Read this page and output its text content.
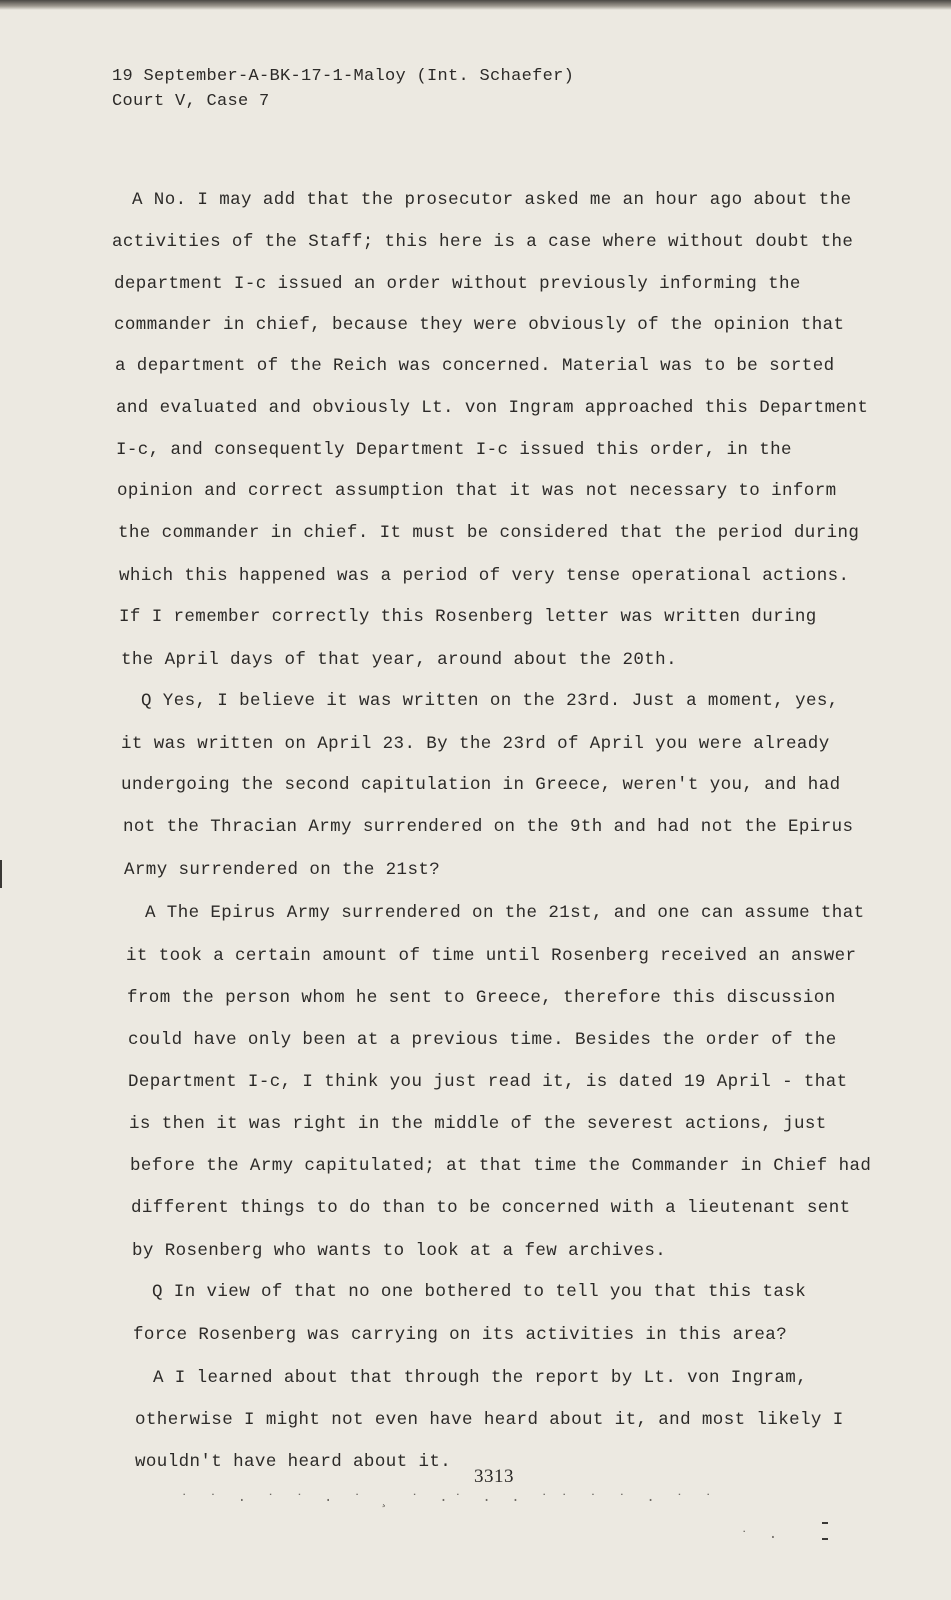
19 September-A-BK-17-1-Maloy (Int. Schaefer)
Court V, Case 7
A No. I may add that the prosecutor asked me an hour ago about the
activities of the Staff; this here is a case where without doubt the
department I-c issued an order without previously informing the
commander in chief, because they were obviously of the opinion that
a department of the Reich was concerned. Material was to be sorted
and evaluated and obviously Lt. von Ingram approached this Department
I-c, and consequently Department I-c issued this order, in the
opinion and correct assumption that it was not necessary to inform
the commander in chief. It must be considered that the period during
which this happened was a period of very tense operational actions.
If I remember correctly this Rosenberg letter was written during
the April days of that year, around about the 20th.
Q Yes, I believe it was written on the 23rd. Just a moment, yes,
it was written on April 23. By the 23rd of April you were already
undergoing the second capitulation in Greece, weren't you, and had
not the Thracian Army surrendered on the 9th and had not the Epirus
Army surrendered on the 21st?
A The Epirus Army surrendered on the 21st, and one can assume that
it took a certain amount of time until Rosenberg received an answer
from the person whom he sent to Greece, therefore this discussion
could have only been at a previous time. Besides the order of the
Department I-c, I think you just read it, is dated 19 April - that
is then it was right in the middle of the severest actions, just
before the Army capitulated; at that time the Commander in Chief had
different things to do than to be concerned with a lieutenant sent
by Rosenberg who wants to look at a few archives.
Q In view of that no one bothered to tell you that this task
force Rosenberg was carrying on its activities in this area?
A I learned about that through the report by Lt. von Ingram,
otherwise I might not even have heard about it, and most likely I
wouldn't have heard about it.
3313
˙ ˙ · ˙ ˙ · ˙ ¸ ˙ ·˙ · · ˙ ˙ ˙ ˙ · ˙ ˙
˙ ·
